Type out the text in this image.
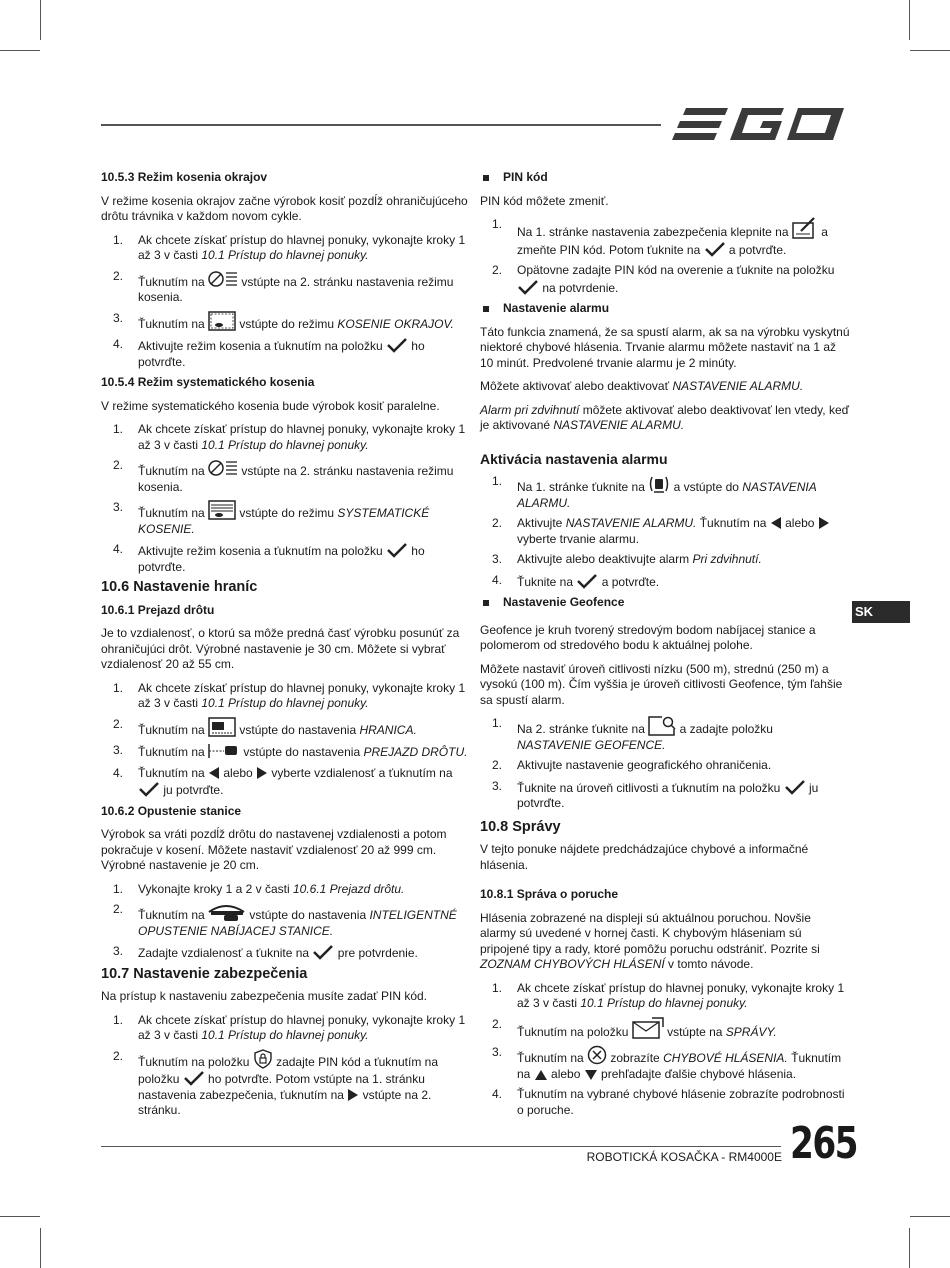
10.5.3 Režim kosenia okrajov

V režime kosenia okrajov začne výrobok kosiť pozdĺž ohraničujúceho drôtu trávnika v každom novom cykle.

1.	Ak chcete získať prístup do hlavnej ponuky, vykonajte kroky 1 až 3 v časti 10.1 Prístup do hlavnej ponuky.
2.	Ťuknutím na	vstúpte na 2. stránku nastavenia režimu kosenia.
3.	Ťuknutím na  vstúpte do režimu KOSENIE OKRAJOV.
4.	Aktivujte režim kosenia a ťuknutím na položku  ho potvrďte.
10.5.4 Režim systematického kosenia

V režime systematického kosenia bude výrobok kosiť paralelne.

1.	Ak chcete získať prístup do hlavnej ponuky, vykonajte kroky 1 až 3 v časti 10.1 Prístup do hlavnej ponuky.
2.	Ťuknutím na	vstúpte na 2. stránku nastavenia režimu kosenia.
3.	Ťuknutím na  vstúpte do režimu SYSTEMATICKÉ KOSENIE.
4.	Aktivujte režim kosenia a ťuknutím na položku  ho potvrďte.
10.6 Nastavenie hraníc
10.6.1 Prejazd drôtu

Je to vzdialenosť, o ktorú sa môže predná časť výrobku posunúť za ohraničujúci drôt. Výrobné nastavenie je 30 cm. Môžete si vybrať vzdialenosť 20 až 55 cm.

1.	Ak chcete získať prístup do hlavnej ponuky, vykonajte kroky 1 až 3 v časti 10.1 Prístup do hlavnej ponuky.
2.	Ťuknutím na  vstúpte do nastavenia HRANICA.
3.	Ťuknutím na	vstúpte do nastavenia PREJAZD DRÔTU.
4.	Ťuknutím na  alebo  vyberte vzdialenosť a ťuknutím na  ju potvrďte.
10.6.2 Opustenie stanice

Výrobok sa vráti pozdĺž drôtu do nastavenej vzdialenosti a potom pokračuje v kosení. Môžete nastaviť vzdialenosť 20 až 999 cm. Výrobné nastavenie je 20 cm.

1.	Vykonajte kroky 1 a 2 v časti 10.6.1 Prejazd drôtu.
2.	Ťuknutím na	vstúpte do nastavenia INTELIGENTNÉ OPUSTENIE NABÍJACEJ STANICE.
3.	Zadajte vzdialenosť a ťuknite na  pre potvrdenie.
10.7 Nastavenie zabezpečenia

Na prístup k nastaveniu zabezpečenia musíte zadať PIN kód.

1.	Ak chcete získať prístup do hlavnej ponuky, vykonajte kroky 1 až 3 v časti 10.1 Prístup do hlavnej ponuky.
2.	Ťuknutím na položku  zadajte PIN kód a ťuknutím na položku  ho potvrďte. Potom vstúpte na 1. stránku nastavenia zabezpečenia, ťuknutím na  vstúpte na 2. stránku.
PIN kód

PIN kód môžete zmeniť.

1.
Na 1. stránke nastavenia zabezpečenia klepnite na  a zmeňte PIN kód. Potom ťuknite na  a potvrďte.
2.	Opätovne zadajte PIN kód na overenie a ťuknite na položku  na potvrdenie.
Nastavenie alarmu

Táto funkcia znamená, že sa spustí alarm, ak sa na výrobku vyskytnú niektoré chybové hlásenia. Trvanie alarmu môžete nastaviť na 1 až 10 minút. Predvolené trvanie alarmu je 2 minúty.

Môžete aktivovať alebo deaktivovať NASTAVENIE ALARMU.

Alarm pri zdvihnutí môžete aktivovať alebo deaktivovať len vtedy, keď je aktivované NASTAVENIE ALARMU.

Aktivácia nastavenia alarmu
1.	Na 1. stránke ťuknite na  a vstúpte do NASTAVENIA ALARMU.
2.	Aktivujte NASTAVENIE ALARMU. Ťuknutím na  alebo  vyberte trvanie alarmu.
3.	Aktivujte alebo deaktivujte alarm Pri zdvihnutí.
4.	Ťuknite na  a potvrďte.
Nastavenie Geofence

Geofence je kruh tvorený stredovým bodom nabíjacej stanice a polomerom od stredového bodu k aktuálnej polohe.

Môžete nastaviť úroveň citlivosti nízku (500 m), strednú (250 m) a vysokú (100 m). Čím vyššia je úroveň citlivosti Geofence, tým ľahšie sa spustí alarm.

1.	Na 2. stránke ťuknite na  a zadajte položku NASTAVENIE GEOFENCE.
2.	Aktivujte nastavenie geografického ohraničenia.
3.	Ťuknite na úroveň citlivosti a ťuknutím na položku  ju potvrďte.
10.8 Správy

V tejto ponuke nájdete predchádzajúce chybové a informačné hlásenia.

10.8.1 Správa o poruche

Hlásenia zobrazené na displeji sú aktuálnou poruchou. Novšie alarmy sú uvedené v hornej časti. K chybovým hláseniam sú pripojené tipy a rady, ktoré pomôžu poruchu odstrániť. Pozrite si ZOZNAM CHYBOVÝCH HLÁSENÍ v tomto návode.

1.	Ak chcete získať prístup do hlavnej ponuky, vykonajte kroky 1 až 3 v časti 10.1 Prístup do hlavnej ponuky.
2.
Ťuknutím na položku	vstúpte na SPRÁVY.
3.	Ťuknutím na  zobrazíte CHYBOVÉ HLÁSENIA. Ťuknutím na  alebo  prehľadajte ďalšie chybové hlásenia.
4.	Ťuknutím na vybrané chybové hlásenie zobrazíte podrobnosti o poruche.
SK
ROBOTICKÁ KOSAČKA - RM4000E 265
